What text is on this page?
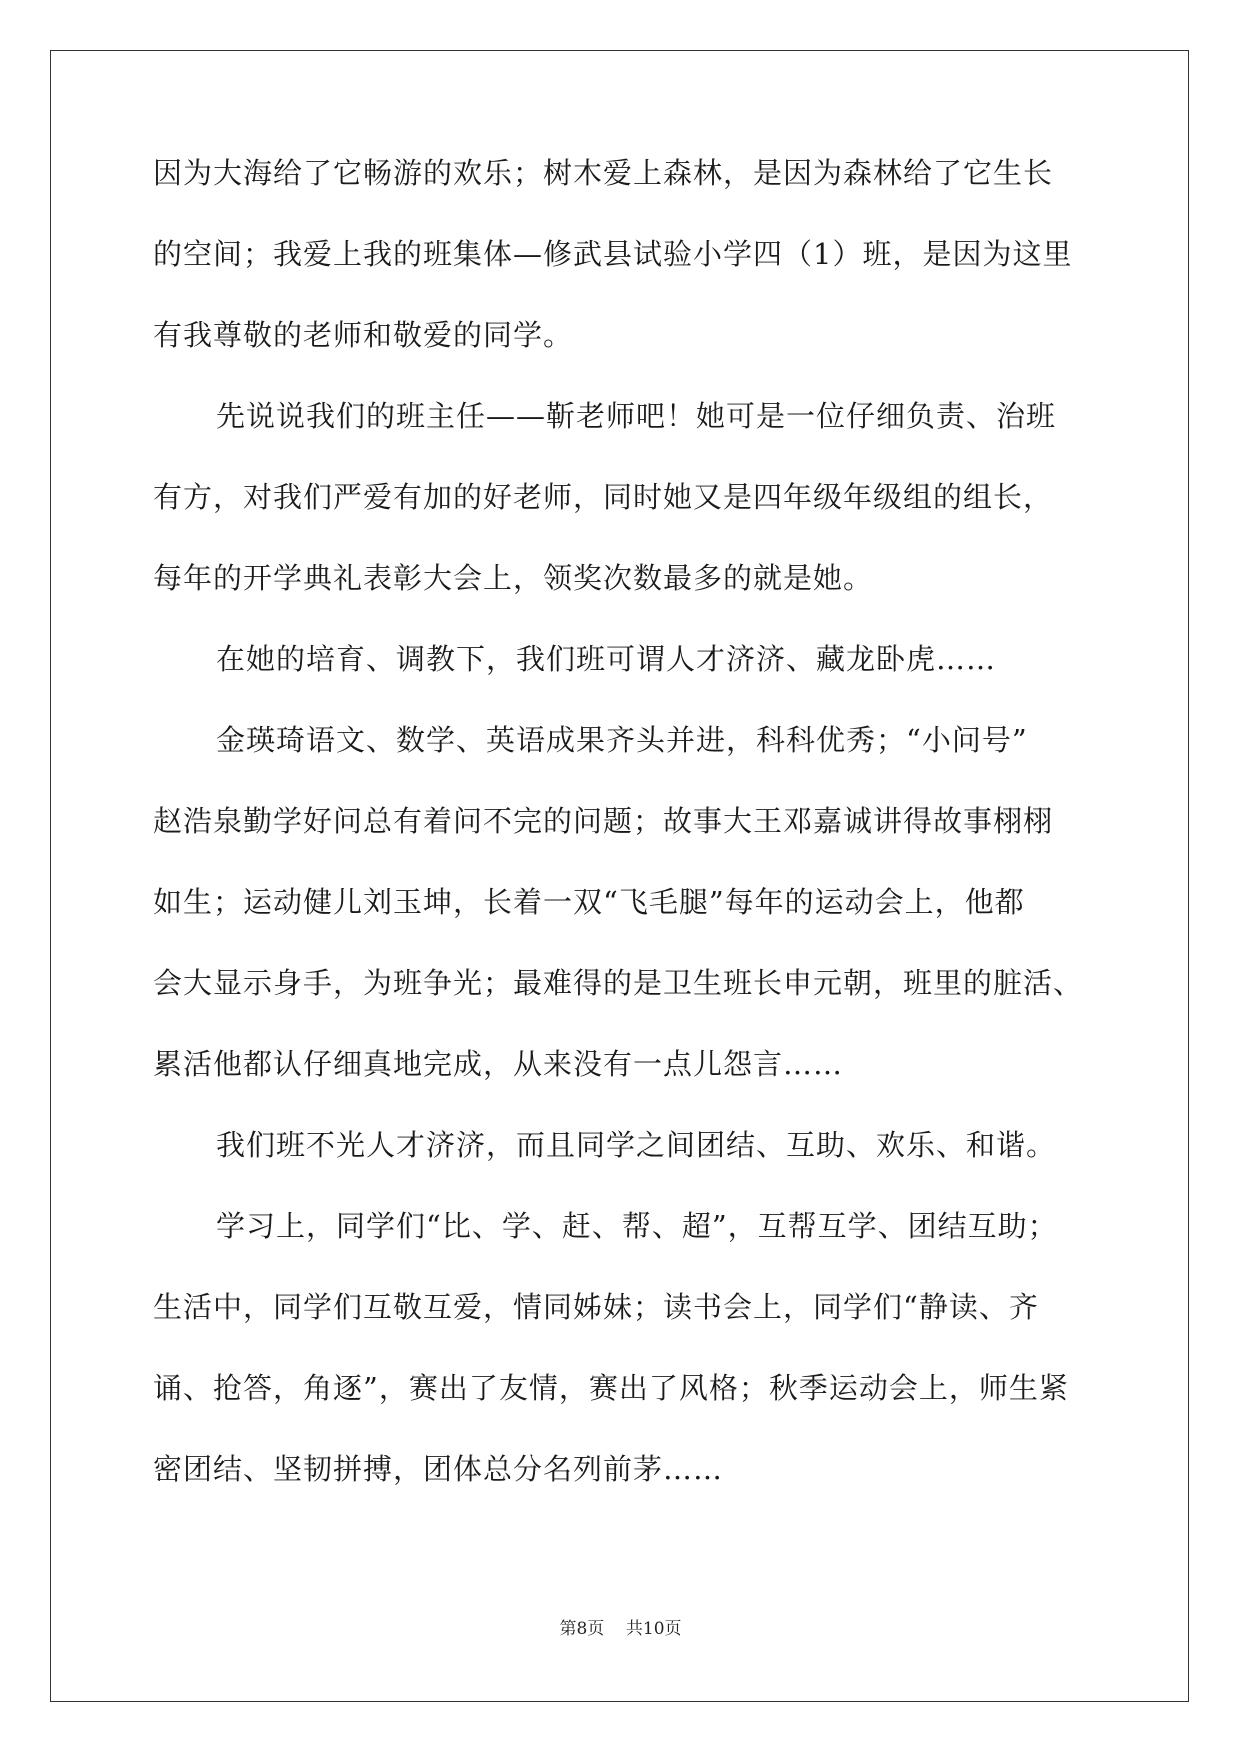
因为大海给了它畅游的欢乐；树木爱上森林，是因为森林给了它生长
的空间；我爱上我的班集体—修武县试验小学四（1）班，是因为这里
有我尊敬的老师和敬爱的同学。
先说说我们的班主任——靳老师吧！她可是一位仔细负责、治班
有方，对我们严爱有加的好老师，同时她又是四年级年级组的组长，
每年的开学典礼表彰大会上，领奖次数最多的就是她。
在她的培育、调教下，我们班可谓人才济济、藏龙卧虎……
金瑛琦语文、数学、英语成果齐头并进，科科优秀；“小问号”
赵浩泉勤学好问总有着问不完的问题；故事大王邓嘉诚讲得故事栩栩
如生；运动健儿刘玉坤，长着一双“飞毛腿”每年的运动会上，他都
会大显示身手，为班争光；最难得的是卫生班长申元朝，班里的脏活、
累活他都认仔细真地完成，从来没有一点儿怨言……
我们班不光人才济济，而且同学之间团结、互助、欢乐、和谐。
学习上，同学们“比、学、赶、帮、超”，互帮互学、团结互助；
生活中，同学们互敬互爱，情同姊妹；读书会上，同学们“静读、齐
诵、抢答，角逐”，赛出了友情，赛出了风格；秋季运动会上，师生紧
密团结、坚韧拼搏，团体总分名列前茅……
第8页    共10页
